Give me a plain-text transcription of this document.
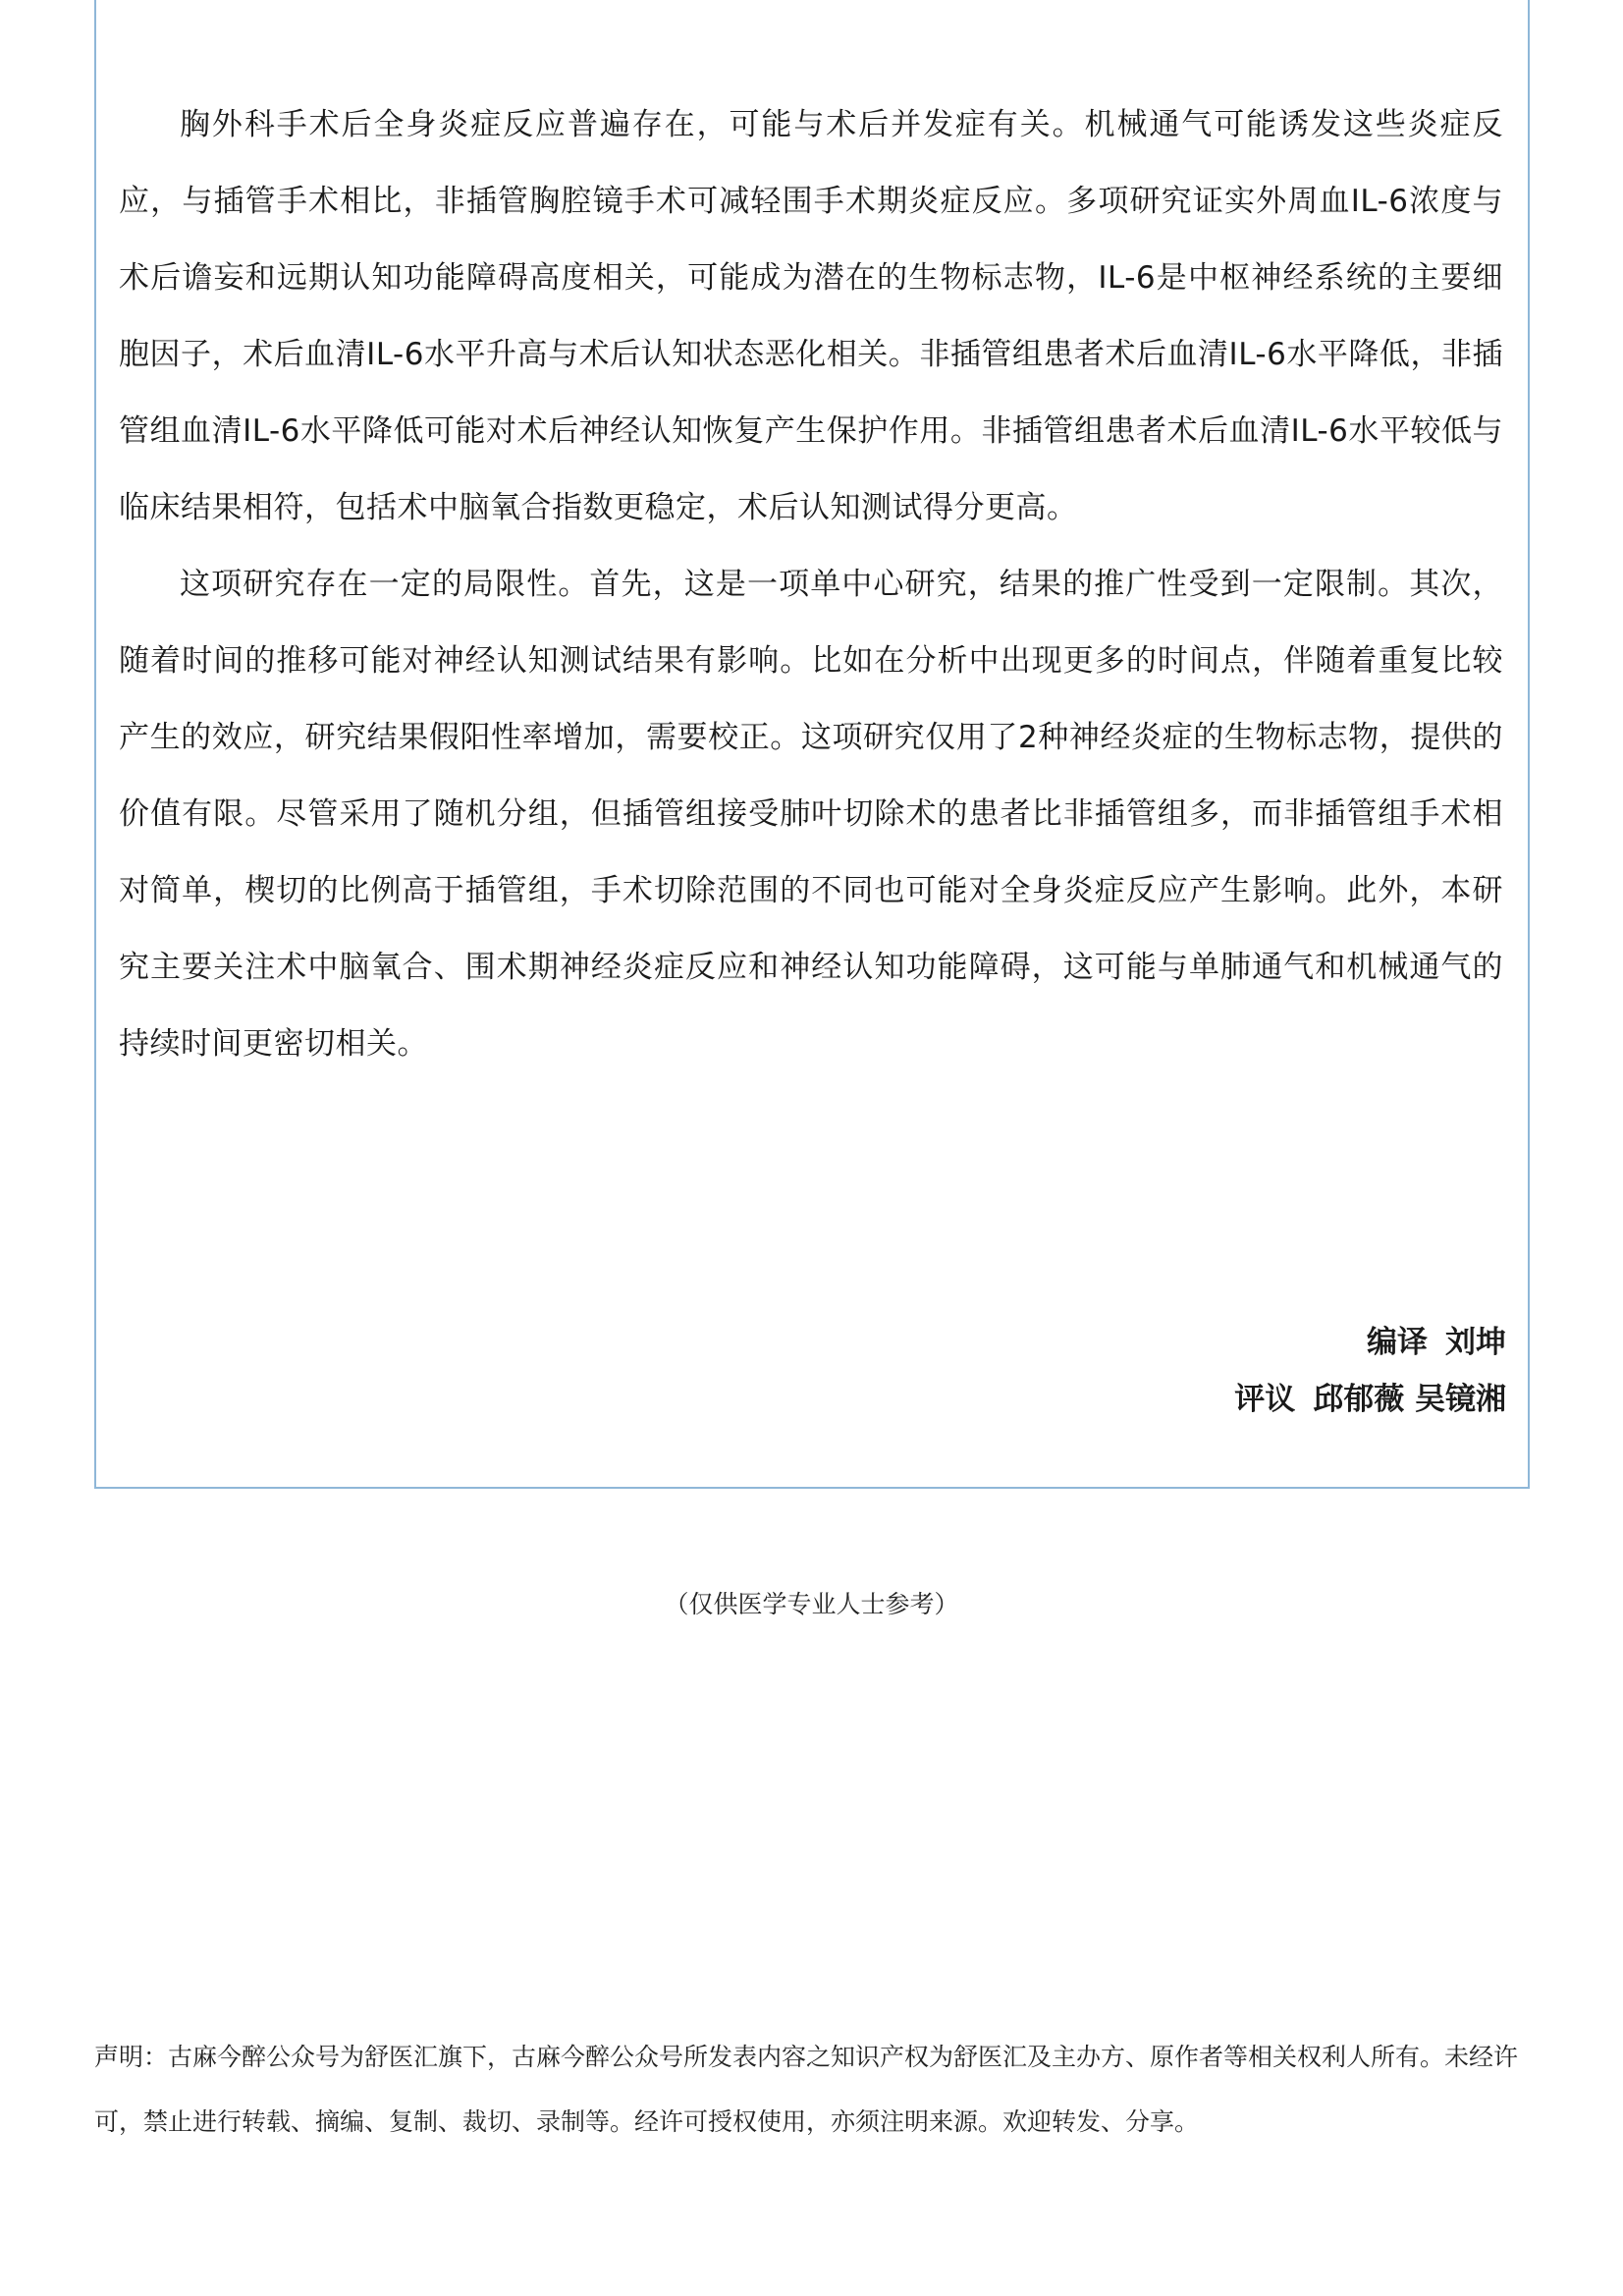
胸外科手术后全身炎症反应普遍存在，可能与术后并发症有关。机械通气可能诱发这些炎症反应，与插管手术相比，非插管胸腔镜手术可减轻围手术期炎症反应。多项研究证实外周血IL-6浓度与术后谵妄和远期认知功能障碍高度相关，可能成为潜在的生物标志物，IL-6是中枢神经系统的主要细胞因子，术后血清IL-6水平升高与术后认知状态恶化相关。非插管组患者术后血清IL-6水平降低，非插管组血清IL-6水平降低可能对术后神经认知恢复产生保护作用。非插管组患者术后血清IL-6水平较低与临床结果相符，包括术中脑氧合指数更稳定，术后认知测试得分更高。

这项研究存在一定的局限性。首先，这是一项单中心研究，结果的推广性受到一定限制。其次，随着时间的推移可能对神经认知测试结果有影响。比如在分析中出现更多的时间点，伴随着重复比较产生的效应，研究结果假阳性率增加，需要校正。这项研究仅用了2种神经炎症的生物标志物，提供的价值有限。尽管采用了随机分组，但插管组接受肺叶切除术的患者比非插管组多，而非插管组手术相对简单，楔切的比例高于插管组，手术切除范围的不同也可能对全身炎症反应产生影响。此外，本研究主要关注术中脑氧合、围术期神经炎症反应和神经认知功能障碍，这可能与单肺通气和机械通气的持续时间更密切相关。

编译 刘坤
评议 邱郁薇 吴镜湘
（仅供医学专业人士参考）
声明：古麻今醉公众号为舒医汇旗下，古麻今醉公众号所发表内容之知识产权为舒医汇及主办方、原作者等相关权利人所有。未经许可，禁止进行转载、摘编、复制、裁切、录制等。经许可授权使用，亦须注明来源。欢迎转发、分享。
